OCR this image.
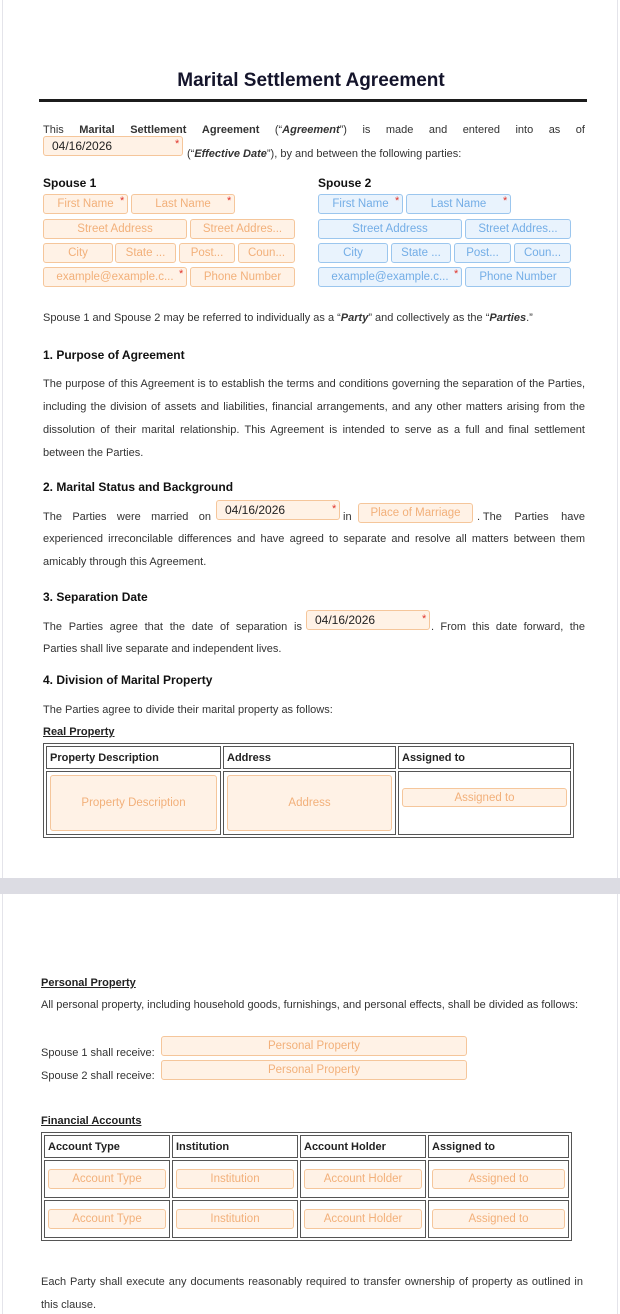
Marital Settlement Agreement
This Marital Settlement Agreement (“Agreement”) is made and entered into as of
04/16/2026	*
(“Effective Date”), by and between the following parties:
Spouse 1
First Name *	Last Name	*
Street Address	Street Addres...
City	State ...	Post...	Coun...
example@example.c... *	Phone Number
Spouse 2
First Name *	Last Name	*
Street Address	Street Addres...
City	State ...	Post...	Coun...
example@example.c... *	Phone Number
Spouse 1 and Spouse 2 may be referred to individually as a “Party” and collectively as the “Parties.”
1. Purpose of Agreement
The purpose of this Agreement is to establish the terms and conditions governing the separation of the Parties, including the division of assets and liabilities, financial arrangements, and any other matters arising from the dissolution of their marital relationship. This Agreement is intended to serve as a full and final settlement between the Parties.
2. Marital Status and Background
The Parties were married on	04/16/2026	*
in	Place of Marriage	. The Parties have
experienced irreconcilable differences and have agreed to separate and resolve all matters between them amicably through this Agreement.
3. Separation Date
The Parties agree that the date of separation is	04/16/2026	*
. From this date forward, the
Parties shall live separate and independent lives.
4. Division of Marital Property
The Parties agree to divide their marital property as follows:
Real Property
Property Description	Address	Assigned to

Property Description	Address	Assigned to
Personal Property
All personal property, including household goods, furnishings, and personal effects, shall be divided as follows:
Spouse 1 shall receive:
Personal Property
Spouse 2 shall receive:	Personal Property
Financial Accounts
Account Type	Institution	Account Holder	Assigned to

Account Type	Institution	Account Holder	Assigned to

Account Type	Institution	Account Holder	Assigned to
Each Party shall execute any documents reasonably required to transfer ownership of property as outlined in this clause.
